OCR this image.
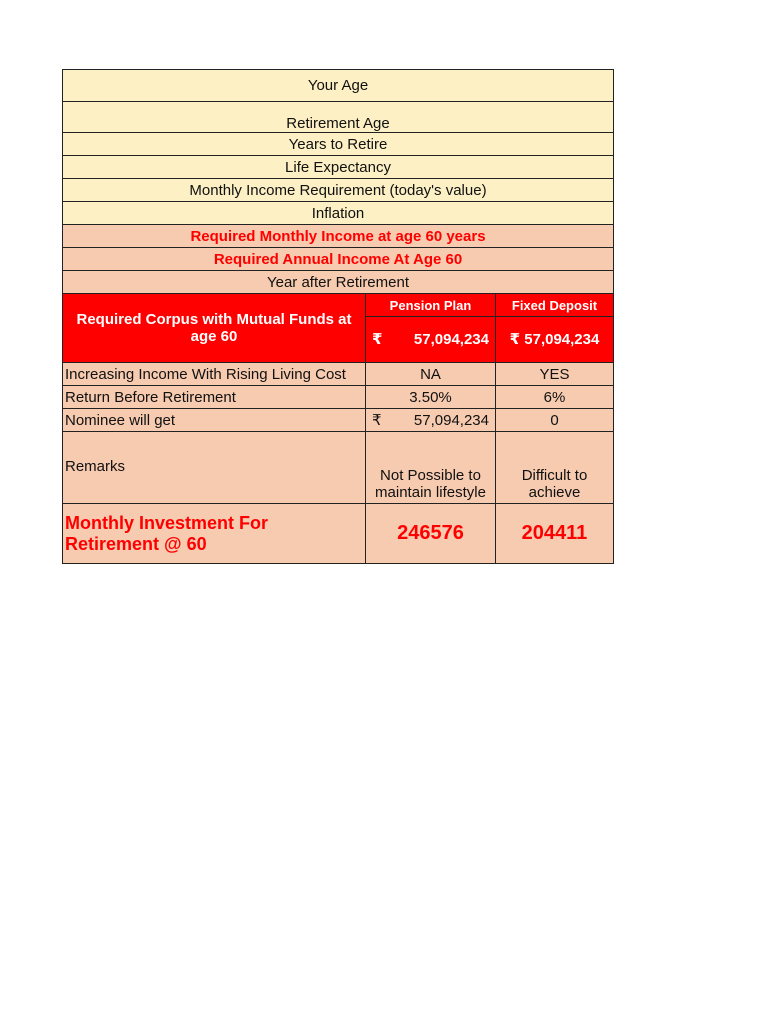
Your Age		
Retirement Age		
Years to Retire		
Life Expectancy		
Monthly Income Requirement (today's value)		
Inflation		
Required Monthly Income at age 60 years		
Required Annual Income At Age 60		
Year after Retirement		
Required Corpus with Mutual Funds at age 60	Pension Plan	Fixed Deposit

	₹ 57,094,234	₹ 57,094,234
Increasing Income With Rising Living Cost	NA	YES
Return Before Retirement	3.50%	6%
Nominee will get	₹ 57,094,234	0
Remarks	Not Possible to maintain lifestyle	Difficult to achieve
Monthly Investment For Retirement @ 60	246576	204411
